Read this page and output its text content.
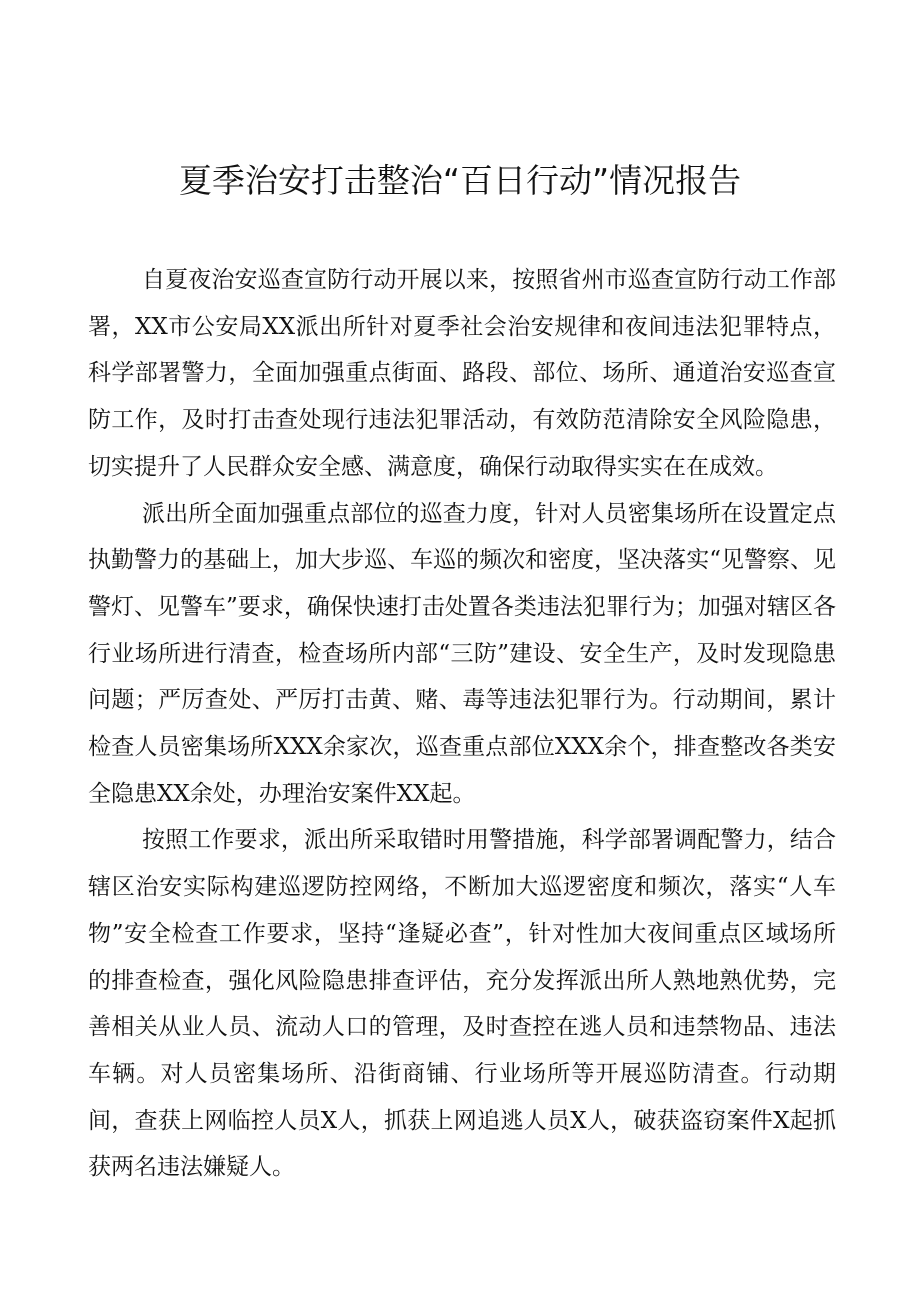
夏季治安打击整治“百日行动”情况报告

自夏夜治安巡查宣防行动开展以来，按照省州市巡查宣防行动工作部署，XX市公安局XX派出所针对夏季社会治安规律和夜间违法犯罪特点，科学部署警力，全面加强重点街面、路段、部位、场所、通道治安巡查宣防工作，及时打击查处现行违法犯罪活动，有效防范清除安全风险隐患，切实提升了人民群众安全感、满意度，确保行动取得实实在在成效。

派出所全面加强重点部位的巡查力度，针对人员密集场所在设置定点执勤警力的基础上，加大步巡、车巡的频次和密度，坚决落实“见警察、见警灯、见警车”要求，确保快速打击处置各类违法犯罪行为；加强对辖区各行业场所进行清查，检查场所内部“三防”建设、安全生产，及时发现隐患问题；严厉查处、严厉打击黄、赌、毒等违法犯罪行为。行动期间，累计检查人员密集场所XXX余家次，巡查重点部位XXX余个，排查整改各类安全隐患XX余处，办理治安案件XX起。

按照工作要求，派出所采取错时用警措施，科学部署调配警力，结合辖区治安实际构建巡逻防控网络，不断加大巡逻密度和频次，落实“人车物”安全检查工作要求，坚持“逢疑必查”，针对性加大夜间重点区域场所的排查检查，强化风险隐患排查评估，充分发挥派出所人熟地熟优势，完善相关从业人员、流动人口的管理，及时查控在逃人员和违禁物品、违法车辆。对人员密集场所、沿街商铺、行业场所等开展巡防清查。行动期间，查获上网临控人员X人，抓获上网追逃人员X人，破获盗窃案件X起抓获两名违法嫌疑人。
